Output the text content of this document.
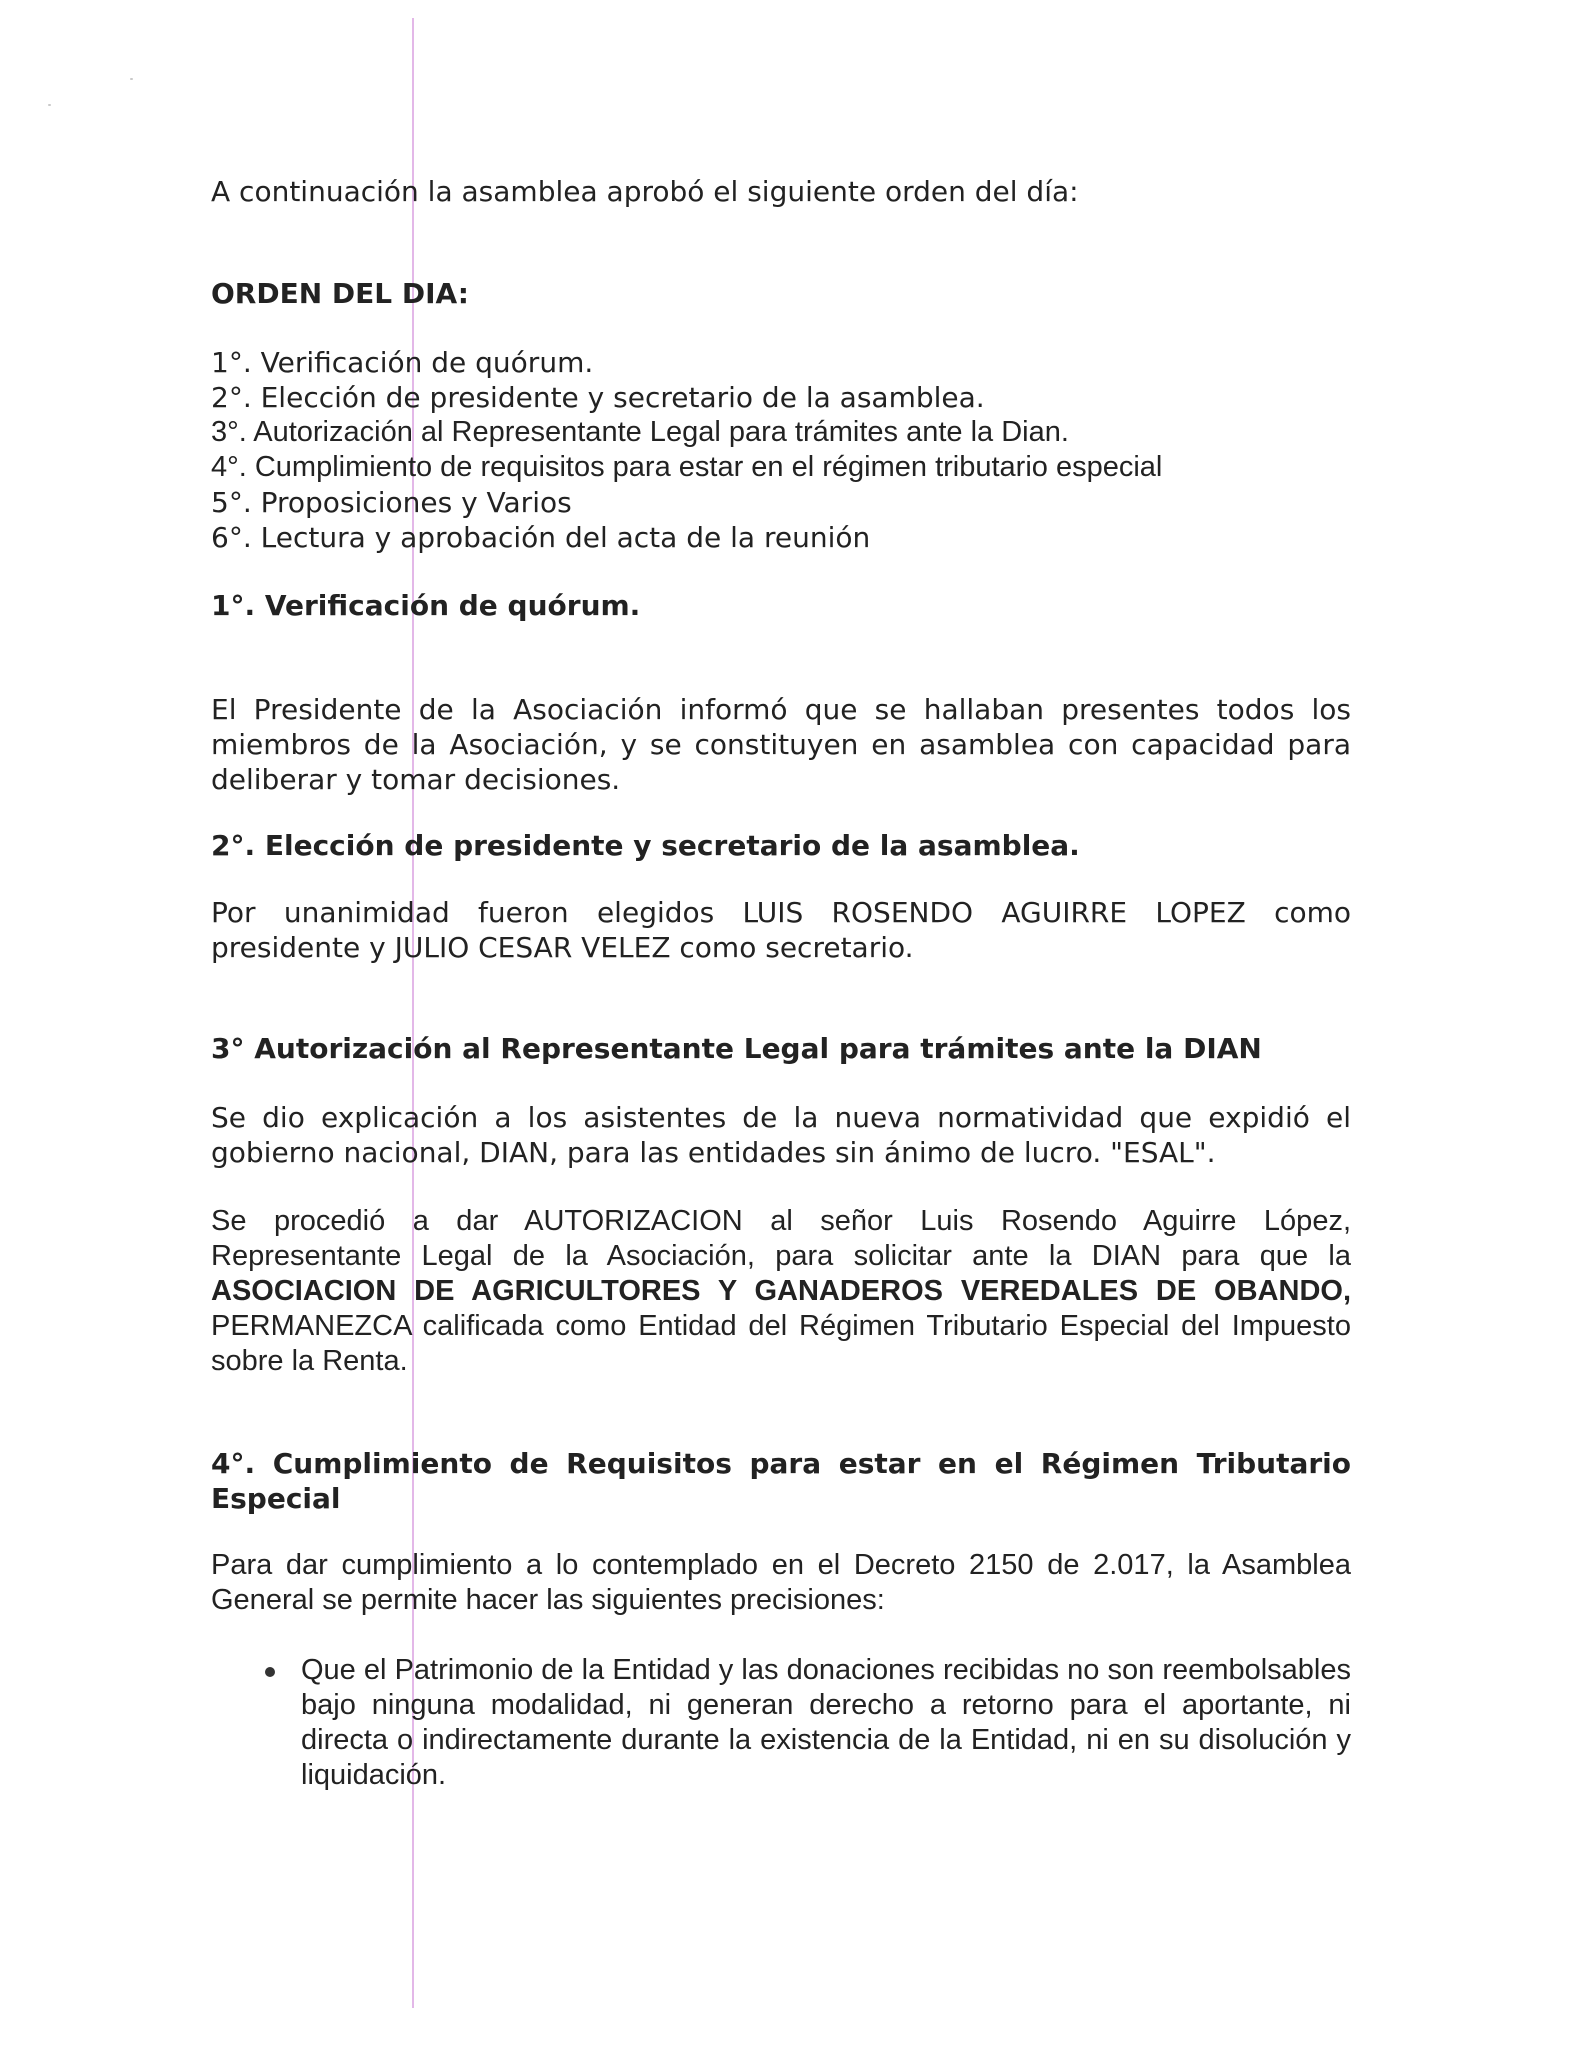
A continuación la asamblea aprobó el siguiente orden del día:

ORDEN DEL DIA:

1°. Verificación de quórum.
2°. Elección de presidente y secretario de la asamblea.
3°. Autorización al Representante Legal para trámites ante la Dian.
4°. Cumplimiento de requisitos para estar en el régimen tributario especial
5°. Proposiciones y Varios
6°. Lectura y aprobación del acta de la reunión

1°. Verificación de quórum.

El Presidente de la Asociación informó que se hallaban presentes todos los miembros de la Asociación, y se constituyen en asamblea con capacidad para deliberar y tomar decisiones.

2°. Elección de presidente y secretario de la asamblea.

Por unanimidad fueron elegidos LUIS ROSENDO AGUIRRE LOPEZ como presidente y JULIO CESAR VELEZ como secretario.

3° Autorización al Representante Legal para trámites ante la DIAN

Se dio explicación a los asistentes de la nueva normatividad que expidió el gobierno nacional, DIAN, para las entidades sin ánimo de lucro. "ESAL".

Se procedió a dar AUTORIZACION al señor Luis Rosendo Aguirre López, Representante Legal de la Asociación, para solicitar ante la DIAN para que la ASOCIACION DE AGRICULTORES Y GANADEROS VEREDALES DE OBANDO, PERMANEZCA calificada como Entidad del Régimen Tributario Especial del Impuesto sobre la Renta.

4°. Cumplimiento de Requisitos para estar en el Régimen Tributario Especial

Para dar cumplimiento a lo contemplado en el Decreto 2150 de 2.017, la Asamblea General se permite hacer las siguientes precisiones:

Que el Patrimonio de la Entidad y las donaciones recibidas no son reembolsables bajo ninguna modalidad, ni generan derecho a retorno para el aportante, ni directa o indirectamente durante la existencia de la Entidad, ni en su disolución y liquidación.
